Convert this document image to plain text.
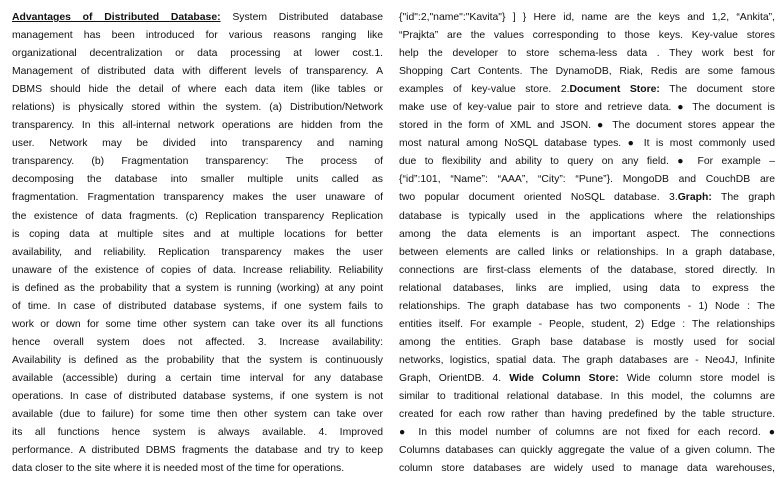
Advantages of Distributed Database: System Distributed database
management has been introduced for various reasons ranging like
organizational decentralization or data processing at lower cost.1.
Management of distributed data with different levels of transparency. A
DBMS should hide the detail of where each data item (like tables or
relations) is physically stored within the system. (a) Distribution/Network
transparency. In this all-internal network operations are hidden from the
user. Network may be divided into transparency and naming
transparency. (b) Fragmentation transparency: The process of
decomposing the database into smaller multiple units called as
fragmentation. Fragmentation transparency makes the user unaware of
the existence of data fragments. (c) Replication transparency Replication
is coping data at multiple sites and at multiple locations for better
availability, and reliability. Replication transparency makes the user
unaware of the existence of copies of data. Increase reliability. Reliability
is defined as the probability that a system is running (working) at any point
of time. In case of distributed database systems, if one system fails to
work or down for some time other system can take over its all functions
hence overall system does not affected. 3. Increase availability:
Availability is defined as the probability that the system is continuously
available (accessible) during a certain time interval for any database
operations. In case of distributed database systems, if one system is not
available (due to failure) for some time then other system can take over
its all functions hence system is always available. 4. Improved
performance. A distributed DBMS fragments the database and try to keep
data closer to the site where it is needed most of the time for operations.
{"id":2,"name":"Kavita"} ] } Here id, name are the keys and 1,2, “Ankita”,
“Prajkta” are the values corresponding to those keys. Key-value stores
help the developer to store schema-less data . They work best for
Shopping Cart Contents. The DynamoDB, Riak, Redis are some famous
examples of key-value store. 2.Document Store: The document store
make use of key-value pair to store and retrieve data. ● The document is
stored in the form of XML and JSON. ● The document stores appear the
most natural among NoSQL database types. ● It is most commonly used
due to flexibility and ability to query on any field. ● For example –
{“id”:101, “Name”: “AAA”, “City”: “Pune”}. MongoDB and CouchDB are
two popular document oriented NoSQL database. 3.Graph: The graph
database is typically used in the applications where the relationships
among the data elements is an important aspect. The connections
between elements are called links or relationships. In a graph database,
connections are first-class elements of the database, stored directly. In
relational databases, links are implied, using data to express the
relationships. The graph database has two components - 1) Node : The
entities itself. For example - People, student, 2) Edge : The relationships
among the entities. Graph base database is mostly used for social
networks, logistics, spatial data. The graph databases are - Neo4J, Infinite
Graph, OrientDB. 4. Wide Column Store: Wide column store model is
similar to traditional relational database. In this model, the columns are
created for each row rather than having predefined by the table structure.
● In this model number of columns are not fixed for each record. ●
Columns databases can quickly aggregate the value of a given column. The
column store databases are widely used to manage data warehouses,
